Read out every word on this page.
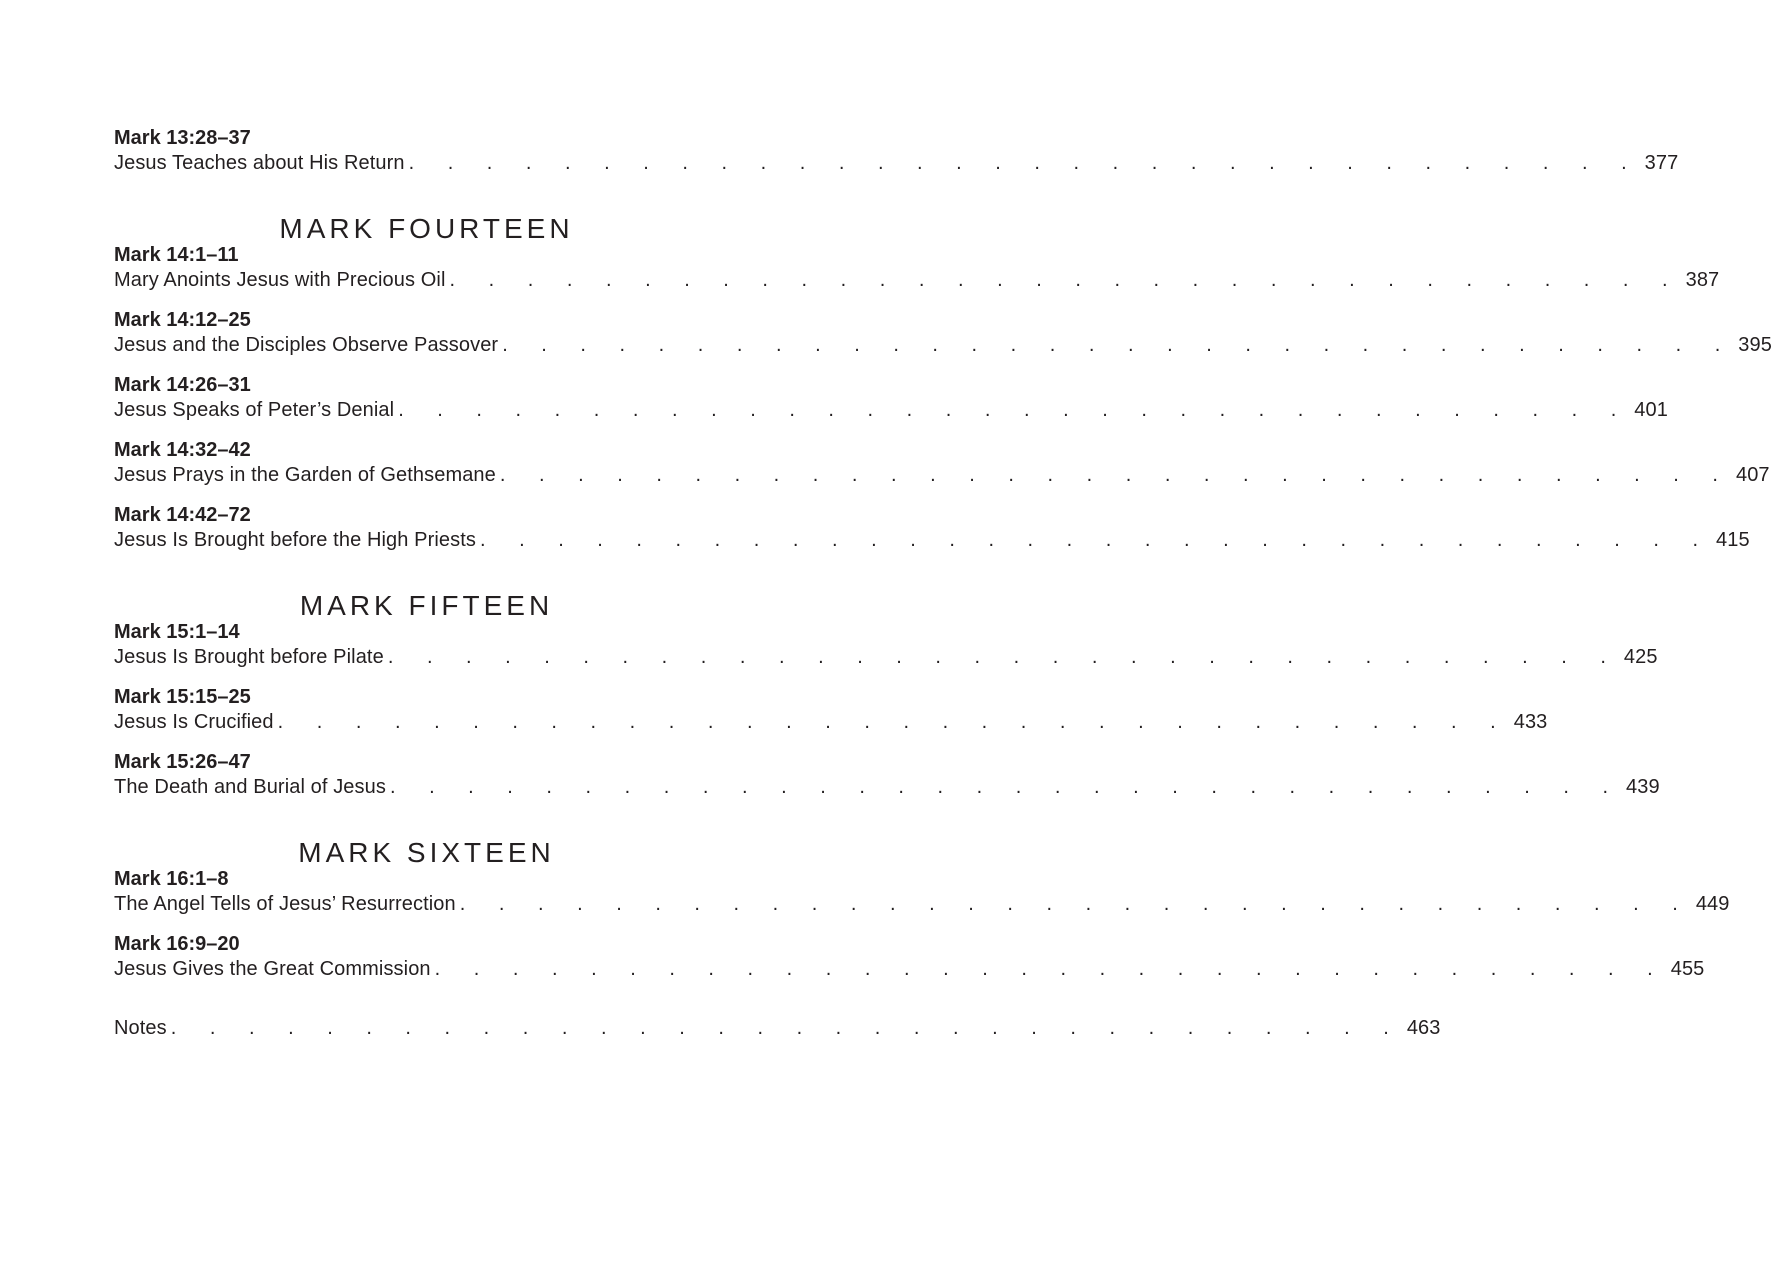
Mark 13:28–37
Jesus Teaches about His Return . . . . . . . . . . . . . . . . . . . . . . . . . . . . . . . . 377
MARK FOURTEEN
Mark 14:1–11
Mary Anoints Jesus with Precious Oil . . . . . . . . . . . . . . . . . . . . . . . . . . . . . . . . 387
Mark 14:12–25
Jesus and the Disciples Observe Passover . . . . . . . . . . . . . . . . . . . . . . . . . . . . . . . . 395
Mark 14:26–31
Jesus Speaks of Peter’s Denial . . . . . . . . . . . . . . . . . . . . . . . . . . . . . . . . 401
Mark 14:32–42
Jesus Prays in the Garden of Gethsemane . . . . . . . . . . . . . . . . . . . . . . . . . . . . . . . . 407
Mark 14:42–72
Jesus Is Brought before the High Priests . . . . . . . . . . . . . . . . . . . . . . . . . . . . . . . . 415
MARK FIFTEEN
Mark 15:1–14
Jesus Is Brought before Pilate . . . . . . . . . . . . . . . . . . . . . . . . . . . . . . . . 425
Mark 15:15–25
Jesus Is Crucified . . . . . . . . . . . . . . . . . . . . . . . . . . . . . . . . 433
Mark 15:26–47
The Death and Burial of Jesus . . . . . . . . . . . . . . . . . . . . . . . . . . . . . . . . 439
MARK SIXTEEN
Mark 16:1–8
The Angel Tells of Jesus’ Resurrection . . . . . . . . . . . . . . . . . . . . . . . . . . . . . . . . 449
Mark 16:9–20
Jesus Gives the Great Commission . . . . . . . . . . . . . . . . . . . . . . . . . . . . . . . . 455
Notes . . . . . . . . . . . . . . . . . . . . . . . . . . . . . . . . 463
